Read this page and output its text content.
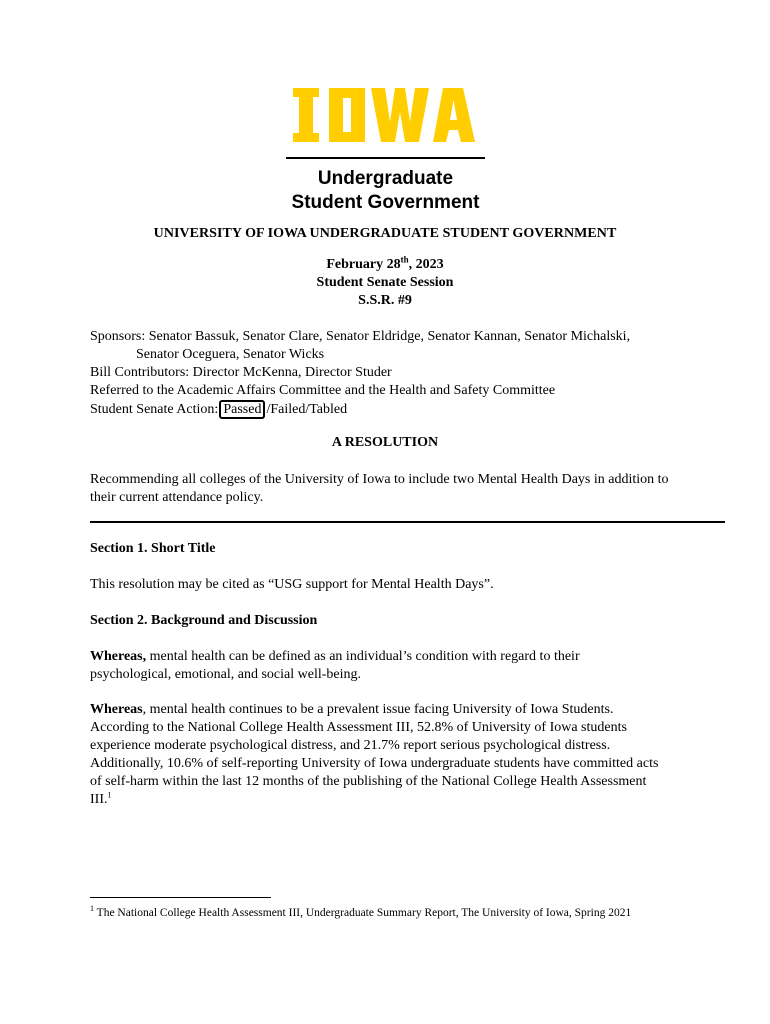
IOWA
Undergraduate
Student Government
UNIVERSITY OF IOWA UNDERGRADUATE STUDENT GOVERNMENT
February 28th, 2023
Student Senate Session
S.S.R. #9
Sponsors: Senator Bassuk, Senator Clare, Senator Eldridge, Senator Kannan, Senator Michalski,
Senator Oceguera, Senator Wicks
Bill Contributors: Director McKenna, Director Studer
Referred to the Academic Affairs Committee and the Health and Safety Committee
Student Senate Action: Passed /Failed/Tabled
A RESOLUTION
Recommending all colleges of the University of Iowa to include two Mental Health Days in addition to their current attendance policy.
Section 1. Short Title
This resolution may be cited as “USG support for Mental Health Days”.
Section 2. Background and Discussion
Whereas, mental health can be defined as an individual’s condition with regard to their psychological, emotional, and social well-being.
Whereas, mental health continues to be a prevalent issue facing University of Iowa Students. According to the National College Health Assessment III, 52.8% of University of Iowa students experience moderate psychological distress, and 21.7% report serious psychological distress. Additionally, 10.6% of self-reporting University of Iowa undergraduate students have committed acts of self-harm within the last 12 months of the publishing of the National College Health Assessment III.$^1$
$^1$ The National College Health Assessment III, Undergraduate Summary Report, The University of Iowa, Spring 2021
